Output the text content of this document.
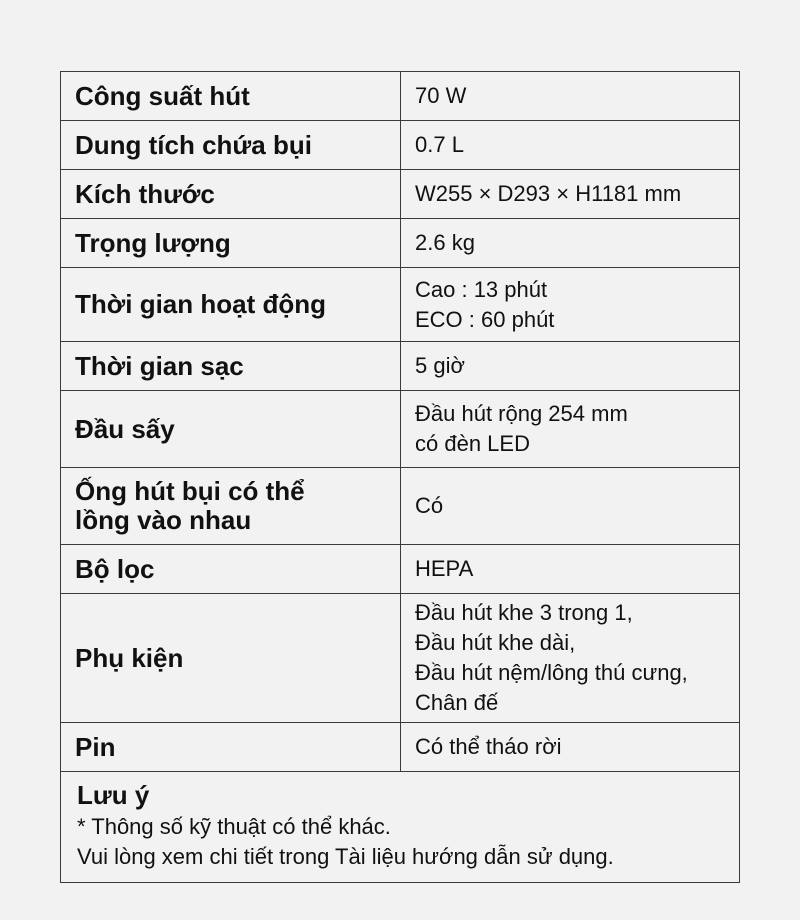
Công suất hút	70 W

Dung tích chứa bụi	0.7 L

Kích thước	W255 × D293 × H1181 mm

Trọng lượng	2.6 kg

Thời gian hoạt động	Cao : 13 phút
ECO : 60 phút

Thời gian sạc	5 giờ

Đầu sấy	Đầu hút rộng 254 mm
có đèn LED

Ống hút bụi có thể
lồng vào nhau	Có

Bộ lọc	HEPA

Phụ kiện	Đầu hút khe 3 trong 1,
Đầu hút khe dài,
Đầu hút nệm/lông thú cưng,
Chân đế

Pin	Có thể tháo rời

Lưu ý
* Thông số kỹ thuật có thể khác.
Vui lòng xem chi tiết trong Tài liệu hướng dẫn sử dụng.	
